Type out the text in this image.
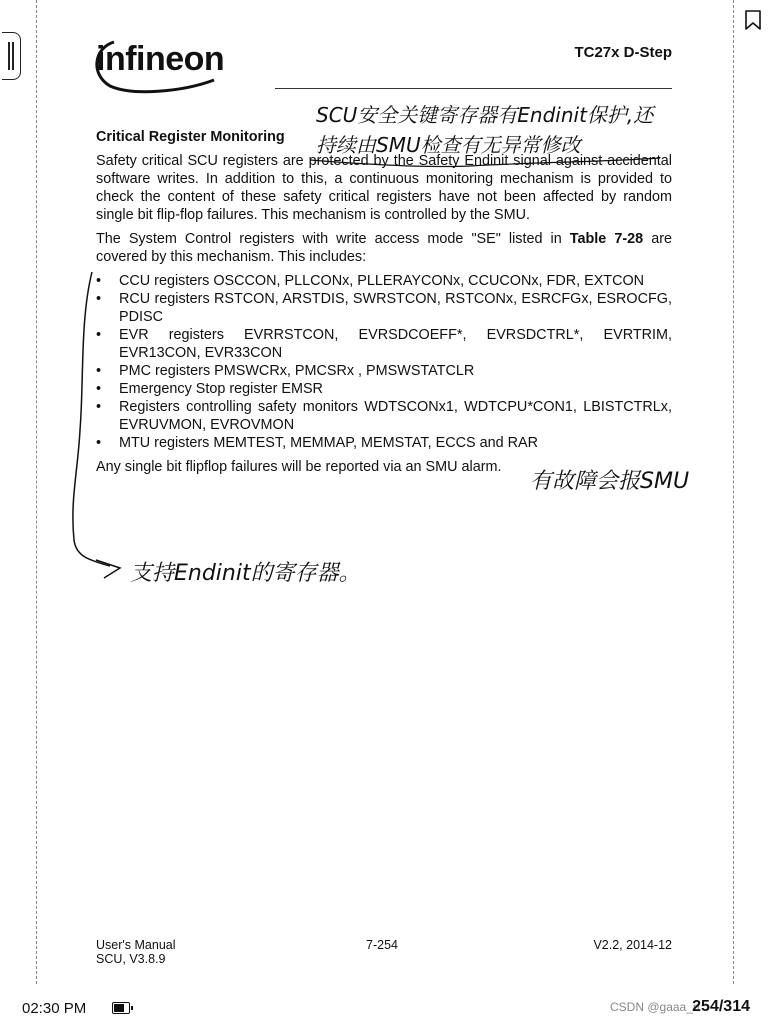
infineon	TC27x D-Step
Critical Register Monitoring

Safety critical SCU registers are protected by the Safety Endinit signal against accidental software writes. In addition to this, a continuous monitoring mechanism is provided to check the content of these safety critical registers have not been affected by random single bit flip-flop failures. This mechanism is controlled by the SMU.

The System Control registers with write access mode "SE" listed in Table 7-28 are covered by this mechanism. This includes:

• CCU registers OSCCON, PLLCONx, PLLERAYCONx, CCUCONx, FDR, EXTCON
• RCU registers RSTCON, ARSTDIS, SWRSTCON, RSTCONx, ESRCFGx, ESROCFG, PDISC
• EVR registers EVRRSTCON, EVRSDCOEFF*, EVRSDCTRL*, EVRTRIM, EVR13CON, EVR33CON
• PMC registers PMSWCRx, PMCSRx , PMSWSTATCLR
• Emergency Stop register EMSR
• Registers controlling safety monitors WDTSCONx1, WDTCPU*CON1, LBISTCTRLx, EVRUVMON, EVROVMON
• MTU registers MEMTEST, MEMMAP, MEMSTAT, ECCS and RAR

Any single bit flipflop failures will be reported via an SMU alarm.

SCU安全关键寄存器有Endinit保护,还
持续由SMU检查有无异常修改
有故障会报SMU
支持Endinit的寄存器。
User's Manual
SCU, V3.8.9
7-254	V2.2, 2014-12
02:30 PM	CSDN @gaaa_n
254/314
